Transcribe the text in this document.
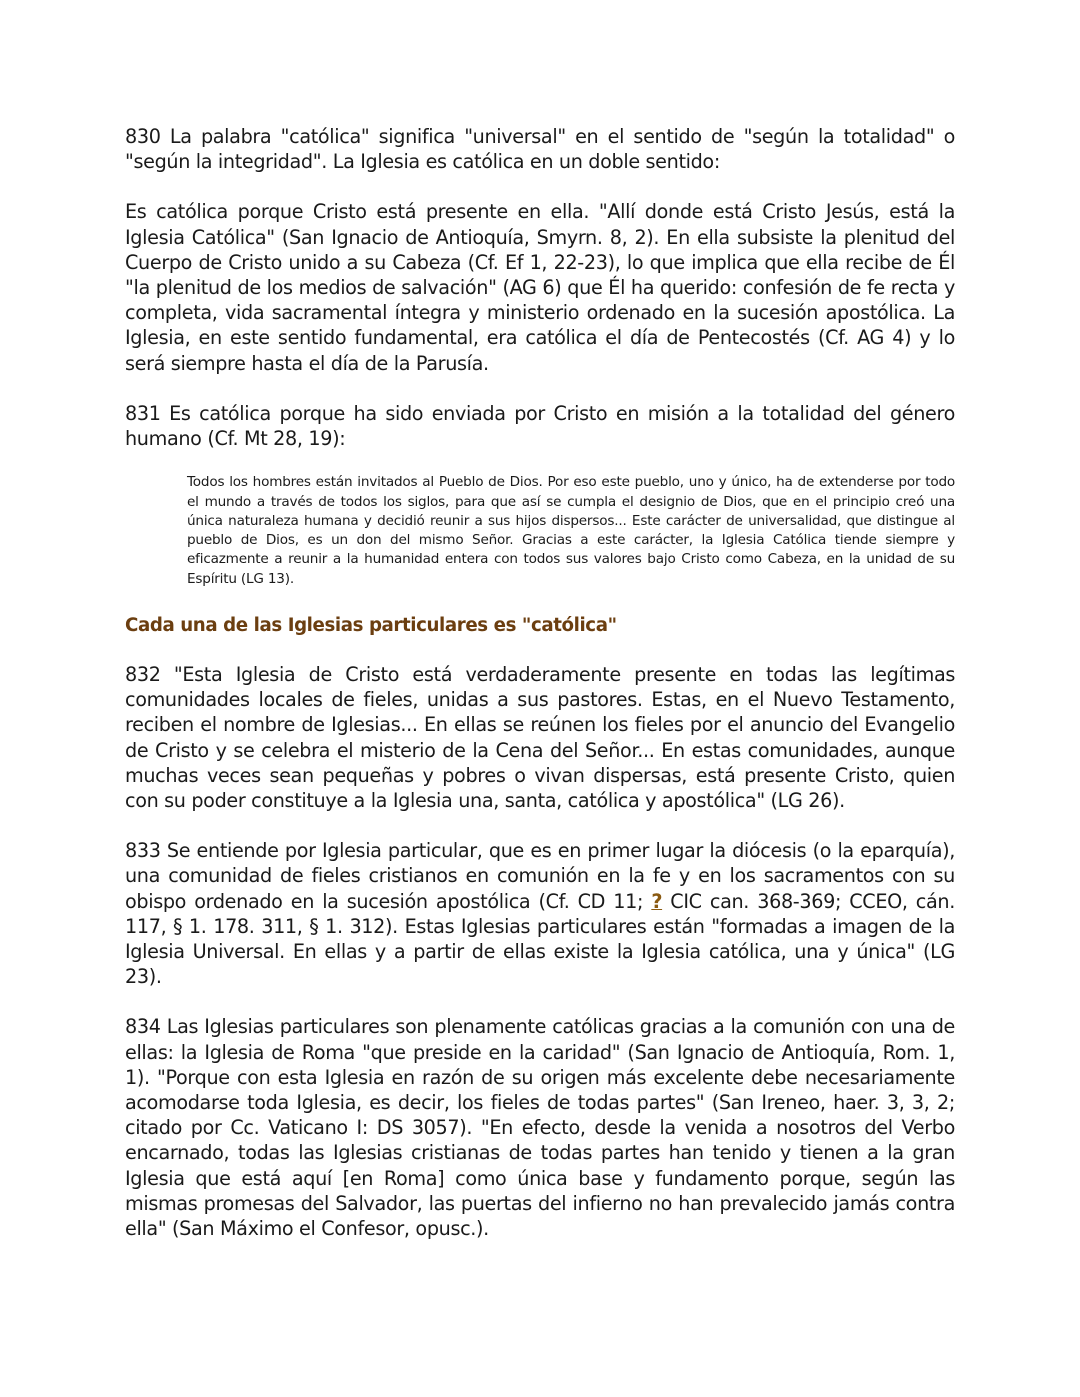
830 La palabra "católica" significa "universal" en el sentido de "según la totalidad" o "según la integridad". La Iglesia es católica en un doble sentido:

Es católica porque Cristo está presente en ella. "Allí donde está Cristo Jesús, está la Iglesia Católica" (San Ignacio de Antioquía, Smyrn. 8, 2). En ella subsiste la plenitud del Cuerpo de Cristo unido a su Cabeza (Cf. Ef 1, 22-23), lo que implica que ella recibe de Él "la plenitud de los medios de salvación" (AG 6) que Él ha querido: confesión de fe recta y completa, vida sacramental íntegra y ministerio ordenado en la sucesión apostólica. La Iglesia, en este sentido fundamental, era católica el día de Pentecostés (Cf. AG 4) y lo será siempre hasta el día de la Parusía.

831 Es católica porque ha sido enviada por Cristo en misión a la totalidad del género humano (Cf. Mt 28, 19):

Todos los hombres están invitados al Pueblo de Dios. Por eso este pueblo, uno y único, ha de extenderse por todo el mundo a través de todos los siglos, para que así se cumpla el designio de Dios, que en el principio creó una única naturaleza humana y decidió reunir a sus hijos dispersos... Este carácter de universalidad, que distingue al pueblo de Dios, es un don del mismo Señor. Gracias a este carácter, la Iglesia Católica tiende siempre y eficazmente a reunir a la humanidad entera con todos sus valores bajo Cristo como Cabeza, en la unidad de su Espíritu (LG 13).

Cada una de las Iglesias particulares es "católica"

832 "Esta Iglesia de Cristo está verdaderamente presente en todas las legítimas comunidades locales de fieles, unidas a sus pastores. Estas, en el Nuevo Testamento, reciben el nombre de Iglesias... En ellas se reúnen los fieles por el anuncio del Evangelio de Cristo y se celebra el misterio de la Cena del Señor... En estas comunidades, aunque muchas veces sean pequeñas y pobres o vivan dispersas, está presente Cristo, quien con su poder constituye a la Iglesia una, santa, católica y apostólica" (LG 26).

833 Se entiende por Iglesia particular, que es en primer lugar la diócesis (o la eparquía), una comunidad de fieles cristianos en comunión en la fe y en los sacramentos con su obispo ordenado en la sucesión apostólica (Cf. CD 11; ? CIC can. 368-369; CCEO, cán. 117, § 1. 178. 311, § 1. 312). Estas Iglesias particulares están "formadas a imagen de la Iglesia Universal. En ellas y a partir de ellas existe la Iglesia católica, una y única" (LG 23).

834 Las Iglesias particulares son plenamente católicas gracias a la comunión con una de ellas: la Iglesia de Roma "que preside en la caridad" (San Ignacio de Antioquía, Rom. 1, 1). "Porque con esta Iglesia en razón de su origen más excelente debe necesariamente acomodarse toda Iglesia, es decir, los fieles de todas partes" (San Ireneo, haer. 3, 3, 2; citado por Cc. Vaticano I: DS 3057). "En efecto, desde la venida a nosotros del Verbo encarnado, todas las Iglesias cristianas de todas partes han tenido y tienen a la gran Iglesia que está aquí [en Roma] como única base y fundamento porque, según las mismas promesas del Salvador, las puertas del infierno no han prevalecido jamás contra ella" (San Máximo el Confesor, opusc.).
